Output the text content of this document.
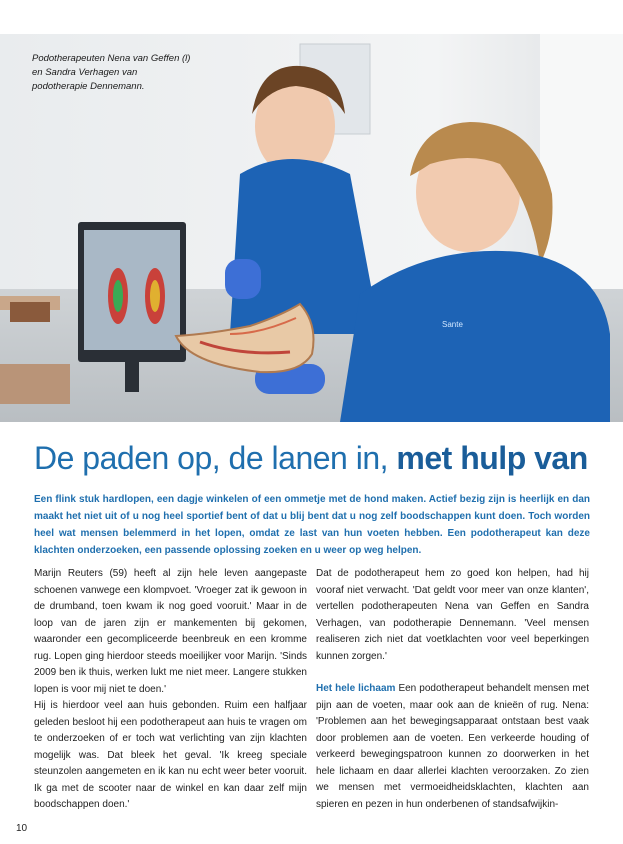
Sante
Podotherapeuten Nena van Geffen (l)
en Sandra Verhagen van
podotherapie Dennemann.
De paden op, de lanen in, met hulp van
Een flink stuk hardlopen, een dagje winkelen of een ommetje met de hond maken. Actief bezig zijn is heerlijk en dan maakt het niet uit of u nog heel sportief bent of dat u blij bent dat u nog zelf boodschappen kunt doen. Toch worden heel wat mensen belemmerd in het lopen, omdat ze last van hun voeten hebben. Een podotherapeut kan deze klachten onderzoeken, een passende oplossing zoeken en u weer op weg helpen.

Marijn Reuters (59) heeft al zijn hele leven aangepaste schoenen vanwege een klompvoet. 'Vroeger zat ik gewoon in de drumband, toen kwam ik nog goed vooruit.' Maar in de loop van de jaren zijn er mankementen bij gekomen, waaronder een gecompliceerde beenbreuk en een kromme rug. Lopen ging hierdoor steeds moeilijker voor Marijn. 'Sinds 2009 ben ik thuis, werken lukt me niet meer. Langere stukken lopen is voor mij niet te doen.'

Hij is hierdoor veel aan huis gebonden. Ruim een halfjaar geleden besloot hij een podotherapeut aan huis te vragen om te onderzoeken of er toch wat verlichting van zijn klachten mogelijk was. Dat bleek het geval. 'Ik kreeg speciale steunzolen aangemeten en ik kan nu echt weer beter vooruit. Ik ga met de scooter naar de winkel en kan daar zelf mijn boodschappen doen.'

Dat de podotherapeut hem zo goed kon helpen, had hij vooraf niet verwacht. 'Dat geldt voor meer van onze klanten', vertellen podotherapeuten Nena van Geffen en Sandra Verhagen, van podotherapie Dennemann. 'Veel mensen realiseren zich niet dat voetklachten voor veel beperkingen kunnen zorgen.'

Het hele lichaam Een podotherapeut behandelt mensen met pijn aan de voeten, maar ook aan de knieën of rug. Nena: 'Problemen aan het bewegingsapparaat ontstaan best vaak door problemen aan de voeten. Een verkeerde houding of verkeerd bewegingspatroon kunnen zo doorwerken in het hele lichaam en daar allerlei klachten veroorzaken. Zo zien we mensen met vermoeidheidsklachten, klachten aan spieren en pezen in hun onderbenen of standsafwijkin-

10
